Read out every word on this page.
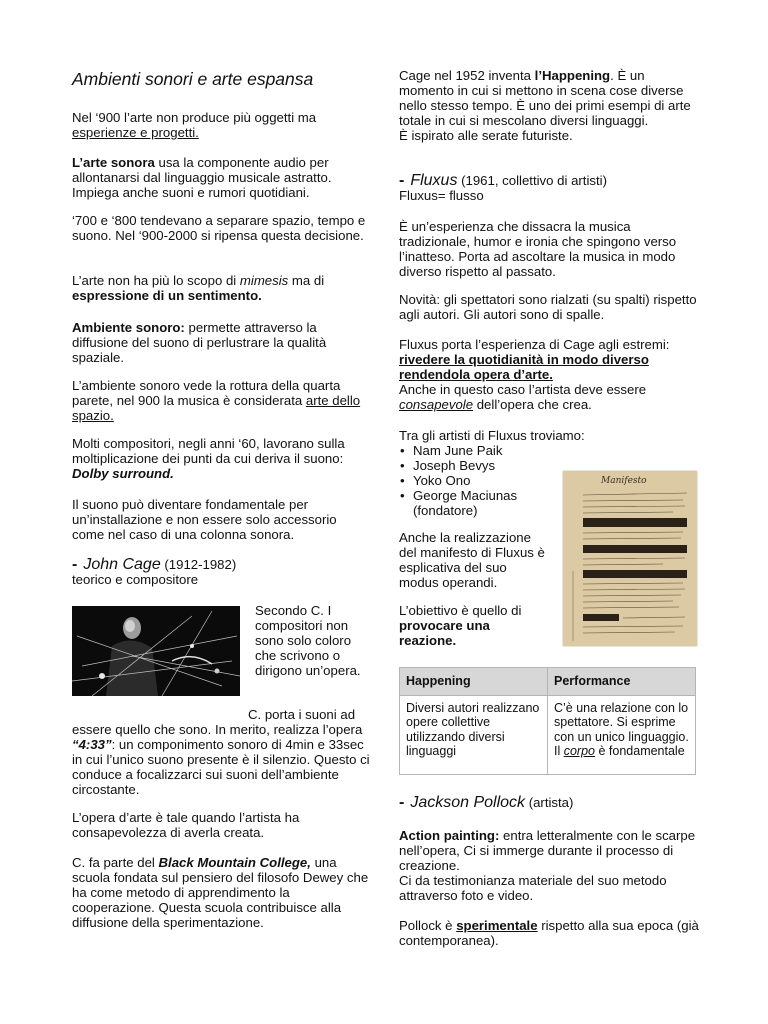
Ambienti sonori e arte espansa

Nel ‘900 l’arte non produce più oggetti ma
esperienze e progetti.

L’arte sonora usa la componente audio per allontanarsi dal linguaggio musicale astratto. Impiega anche suoni e rumori quotidiani.

‘700 e ‘800 tendevano a separare spazio, tempo e suono. Nel ‘900-2000 si ripensa questa decisione.

L’arte non ha più lo scopo di mimesis ma di
espressione di un sentimento.

Ambiente sonoro: permette attraverso la diffusione del suono di perlustrare la qualità spaziale.

L’ambiente sonoro vede la rottura della quarta parete, nel 900 la musica è considerata arte dello spazio.

Molti compositori, negli anni ‘60, lavorano sulla moltiplicazione dei punti da cui deriva il suono: Dolby surround.

Il suono può diventare fondamentale per un’installazione e non essere solo accessorio come nel caso di una colonna sonora.

- John Cage (1912-1982)
teorico e compositore

Secondo C. I compositori non sono solo coloro che scrivono o dirigono un’opera.

C. porta i suoni ad essere quello che sono. In merito, realizza l’opera “4:33”: un componimento sonoro di 4min e 33sec in cui l’unico suono presente è il silenzio. Questo ci conduce a focalizzarci sui suoni dell’ambiente circostante.

L’opera d’arte è tale quando l’artista ha consapevolezza di averla creata.

C. fa parte del Black Mountain College, una scuola fondata sul pensiero del filosofo Dewey che ha come metodo di apprendimento la cooperazione. Questa scuola contribuisce alla diffusione della sperimentazione.

Cage nel 1952 inventa l’Happening. È un momento in cui si mettono in scena cose diverse nello stesso tempo. È uno dei primi esempi di arte totale in cui si mescolano diversi linguaggi.
È ispirato alle serate futuriste.

- Fluxus (1961, collettivo di artisti)
Fluxus= flusso

È un’esperienza che dissacra la musica tradizionale, humor e ironia che spingono verso l’inatteso. Porta ad ascoltare la musica in modo diverso rispetto al passato.

Novità: gli spettatori sono rialzati (su spalti) rispetto agli autori. Gli autori sono di spalle.

Fluxus porta l’esperienza di Cage agli estremi: rivedere la quotidianità in modo diverso rendendola opera d’arte.
Anche in questo caso l’artista deve essere consapevole dell’opera che crea.

Tra gli artisti di Fluxus troviamo:

• Nam June Paik
• Joseph Bevys
• Yoko Ono
• George Maciunas (fondatore)

Anche la realizzazione del manifesto di Fluxus è esplicativa del suo modus operandi.

L’obiettivo è quello di provocare una reazione.

- Jackson Pollock (artista)

Action painting: entra letteralmente con le scarpe nell’opera, Ci si immerge durante il processo di creazione.
Ci da testimonianza materiale del suo metodo attraverso foto e video.

Pollock è sperimentale rispetto alla sua epoca (già contemporanea).

Manifesto
Happening	Performance
Diversi autori realizzano opere collettive utilizzando diversi linguaggi	C’è una relazione con lo spettatore. Si esprime con un unico linguaggio. Il corpo è fondamentale
